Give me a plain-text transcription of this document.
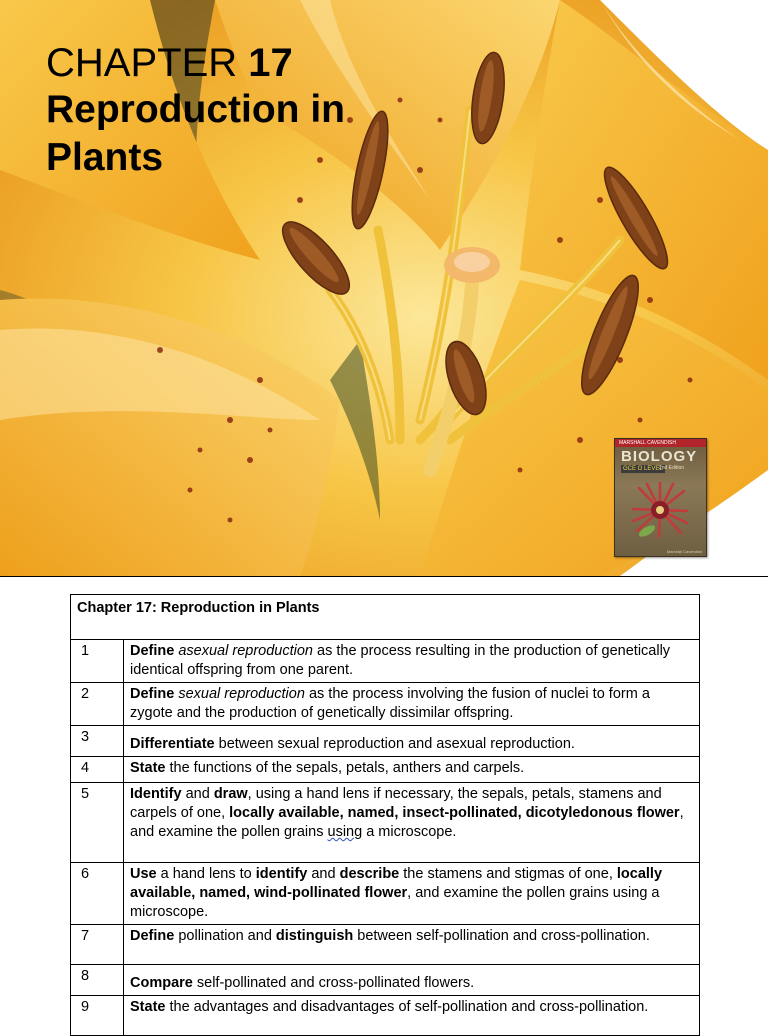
CHAPTER 17
Reproduction in
Plants
MARSHALL CAVENDISH
BIOLOGY
GCE O LEVEL
2nd Edition
Marshall Cavendish
Chapter 17: Reproduction in Plants	
1	Define asexual reproduction as the process resulting in the production of genetically identical offspring from one parent.
2	Define sexual reproduction as the process involving the fusion of nuclei to form a zygote and the production of genetically dissimilar offspring.
3	Differentiate between sexual reproduction and asexual reproduction.
4	State the functions of the sepals, petals, anthers and carpels.
5	Identify and draw, using a hand lens if necessary, the sepals, petals, stamens and carpels of one, locally available, named, insect-pollinated, dicotyledonous flower, and examine the pollen grains using a microscope.
6	Use a hand lens to identify and describe the stamens and stigmas of one, locally available, named, wind-pollinated flower, and examine the pollen grains using a microscope.
7	Define pollination and distinguish between self-pollination and cross-pollination.
8	Compare self-pollinated and cross-pollinated flowers.
9	State the advantages and disadvantages of self-pollination and cross-pollination.
